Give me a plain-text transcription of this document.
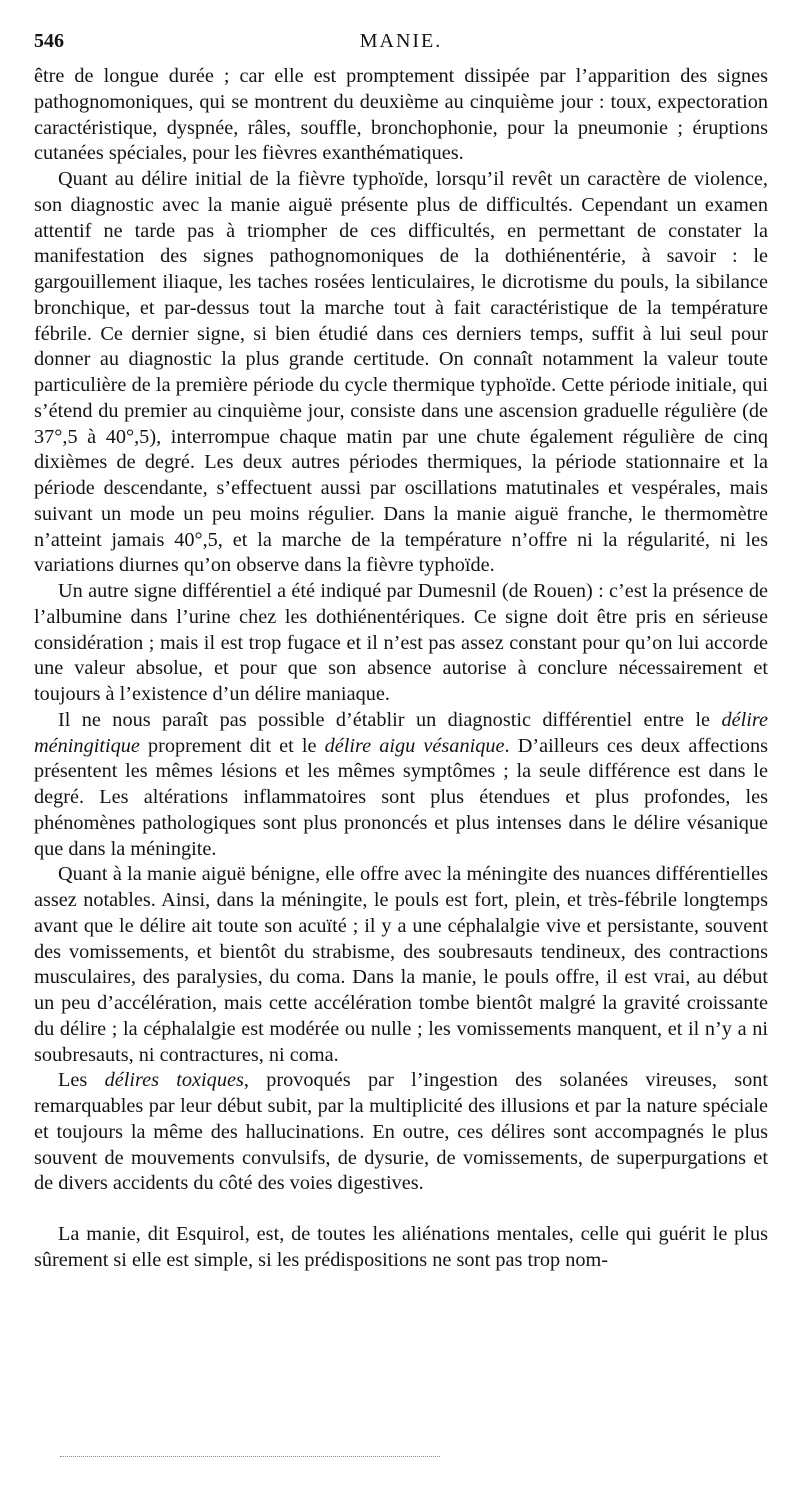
546	MANIE.

être de longue durée ; car elle est promptement dissipée par l’apparition des signes pathognomoniques, qui se montrent du deuxième au cinquième jour : toux, expectoration caractéristique, dyspnée, râles, souffle, bronchophonie, pour la pneumonie ; éruptions cutanées spéciales, pour les fièvres exanthématiques.

Quant au délire initial de la fièvre typhoïde, lorsqu’il revêt un caractère de violence, son diagnostic avec la manie aiguë présente plus de difficultés. Cependant un examen attentif ne tarde pas à triompher de ces difficultés, en permettant de constater la manifestation des signes pathognomoniques de la dothiénentérie, à savoir : le gargouillement iliaque, les taches rosées lenticulaires, le dicrotisme du pouls, la sibilance bronchique, et par-dessus tout la marche tout à fait caractéristique de la température fébrile. Ce dernier signe, si bien étudié dans ces derniers temps, suffit à lui seul pour donner au diagnostic la plus grande certitude. On connaît notamment la valeur toute particulière de la première période du cycle thermique typhoïde. Cette période initiale, qui s’étend du premier au cinquième jour, consiste dans une ascension graduelle régulière (de 37°,5 à 40°,5), interrompue chaque matin par une chute également régulière de cinq dixièmes de degré. Les deux autres périodes thermiques, la période stationnaire et la période descendante, s’effectuent aussi par oscillations matutinales et vespérales, mais suivant un mode un peu moins régulier. Dans la manie aiguë franche, le thermomètre n’atteint jamais 40°,5, et la marche de la température n’offre ni la régularité, ni les variations diurnes qu’on observe dans la fièvre typhoïde.

Un autre signe différentiel a été indiqué par Dumesnil (de Rouen) : c’est la présence de l’albumine dans l’urine chez les dothiénentériques. Ce signe doit être pris en sérieuse considération ; mais il est trop fugace et il n’est pas assez constant pour qu’on lui accorde une valeur absolue, et pour que son absence autorise à conclure nécessairement et toujours à l’existence d’un délire maniaque.

Il ne nous paraît pas possible d’établir un diagnostic différentiel entre le délire méningitique proprement dit et le délire aigu vésanique. D’ailleurs ces deux affections présentent les mêmes lésions et les mêmes symptômes ; la seule différence est dans le degré. Les altérations inflammatoires sont plus étendues et plus profondes, les phénomènes pathologiques sont plus prononcés et plus intenses dans le délire vésanique que dans la méningite.

Quant à la manie aiguë bénigne, elle offre avec la méningite des nuances différentielles assez notables. Ainsi, dans la méningite, le pouls est fort, plein, et très-fébrile longtemps avant que le délire ait toute son acuïté ; il y a une céphalalgie vive et persistante, souvent des vomissements, et bientôt du strabisme, des soubresauts tendineux, des contractions musculaires, des paralysies, du coma. Dans la manie, le pouls offre, il est vrai, au début un peu d’accélération, mais cette accélération tombe bientôt malgré la gravité croissante du délire ; la céphalalgie est modérée ou nulle ; les vomissements manquent, et il n’y a ni soubresauts, ni contractures, ni coma.

Les délires toxiques, provoqués par l’ingestion des solanées vireuses, sont remarquables par leur début subit, par la multiplicité des illusions et par la nature spéciale et toujours la même des hallucinations. En outre, ces délires sont accompagnés le plus souvent de mouvements convulsifs, de dysurie, de vomissements, de superpurgations et de divers accidents du côté des voies digestives.

La manie, dit Esquirol, est, de toutes les aliénations mentales, celle qui guérit le plus sûrement si elle est simple, si les prédispositions ne sont pas trop nom-
